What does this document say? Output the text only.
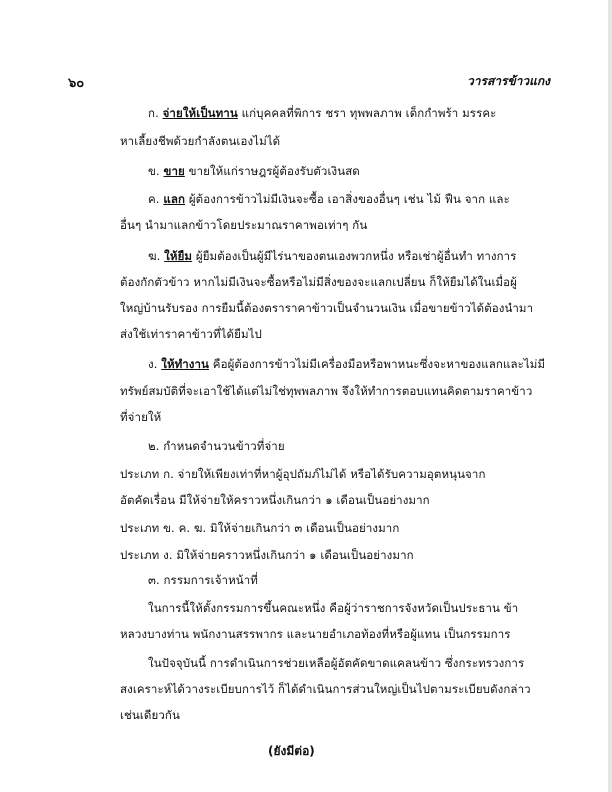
๖๐	วารสารข้าวแกง
ก. จ่ายให้เป็นทาน แก่บุคคลที่พิการ ชรา ทุพพลภาพ เด็กกำพร้า มรรคะ
หาเลี้ยงชีพด้วยกำลังตนเองไม่ได้
ข. ขาย ขายให้แก่ราษฎรผู้ต้องรับตัวเงินสด
ค. แลก ผู้ต้องการข้าวไม่มีเงินจะซื้อ เอาสิ่งของอื่นๆ เช่น ไม้ ฟืน จาก และ
อื่นๆ นำมาแลกข้าวโดยประมาณราคาพอเท่าๆ กัน
ฆ. ให้ยืม ผู้ยืมต้องเป็นผู้มีไร่นาของตนเองพวกหนึ่ง หรือเช่าผู้อื่นทำ ทางการ
ต้องกักตัวข้าว หากไม่มีเงินจะซื้อหรือไม่มีสิ่งของจะแลกเปลี่ยน ก็ให้ยืมได้ในเมื่อผู้
ใหญ่บ้านรับรอง การยืมนี้ต้องตราราคาข้าวเป็นจำนวนเงิน เมื่อขายข้าวได้ต้องนำมา
ส่งใช้เท่าราคาข้าวที่ได้ยืมไป
ง. ให้ทำงาน คือผู้ต้องการข้าวไม่มีเครื่องมือหรือพาหนะซึ่งจะหาของแลกและไม่มี
ทรัพย์สมบัติที่จะเอาใช้ได้แต่ไม่ใช่ทุพพลภาพ จึงให้ทำการตอบแทนคิดตามราคาข้าว
ที่จ่ายให้
๒. กำหนดจำนวนข้าวที่จ่าย
ประเภท ก. จ่ายให้เพียงเท่าที่หาผู้อุปถัมภ์ไม่ได้ หรือได้รับความอุตหนุนจาก
อัตคัดเรื่อน มีให้จ่ายให้คราวหนึ่งเกินกว่า ๑ เดือนเป็นอย่างมาก
ประเภท ข. ค. ฆ. มิให้จ่ายเกินกว่า ๓ เดือนเป็นอย่างมาก
ประเภท ง. มิให้จ่ายคราวหนึ่งเกินกว่า ๑ เดือนเป็นอย่างมาก
๓. กรรมการเจ้าหน้าที่
ในการนี้ให้ตั้งกรรมการขึ้นคณะหนึ่ง คือผู้ว่าราชการจังหวัดเป็นประธาน ข้า
หลวงบางท่าน พนักงานสรรพากร และนายอำเภอท้องที่หรือผู้แทน เป็นกรรมการ
ในปัจจุบันนี้ การดำเนินการช่วยเหลือผู้อัตคัดขาดแคลนข้าว ซึ่งกระทรวงการ
สงเคราะห์ได้วางระเบียบการไว้ ก็ได้ดำเนินการส่วนใหญ่เป็นไปตามระเบียบดังกล่าว
เช่นเดียวกัน
(ยังมีต่อ)
